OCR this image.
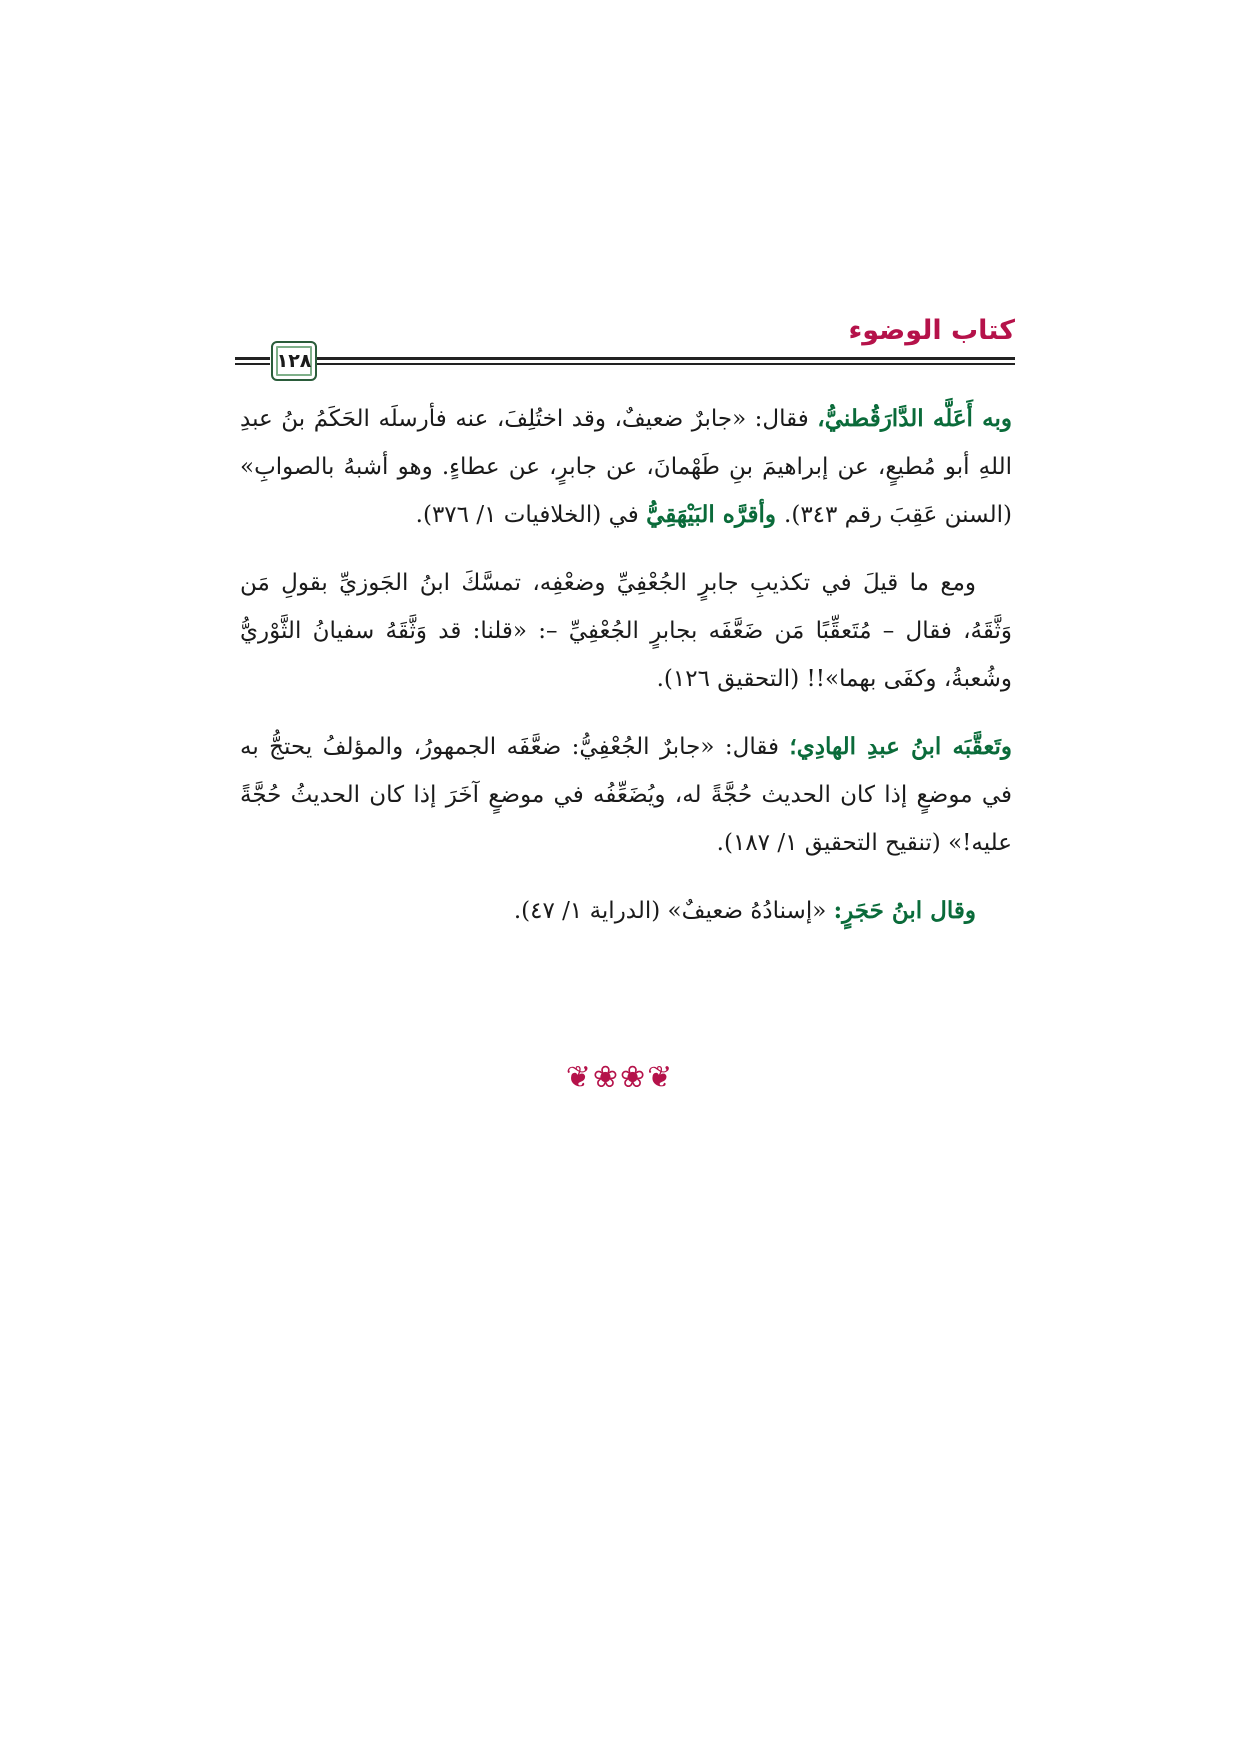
كتاب الوضوء
١٢٨

وبه أَعَلَّه الدَّارَقُطنيُّ، فقال: «جابرٌ ضعيفٌ، وقد اختُلِفَ، عنه فأرسلَه الحَكَمُ بنُ عبدِ اللهِ أبو مُطيعٍ، عن إبراهيمَ بنِ طَهْمانَ، عن جابرٍ، عن عطاءٍ. وهو أشبهُ بالصوابِ» (السنن عَقِبَ رقم ٣٤٣). وأقرَّه البَيْهَقِيُّ في (الخلافيات ١/ ٣٧٦).

ومع ما قيلَ في تكذيبِ جابرٍ الجُعْفِيِّ وضعْفِه، تمسَّكَ ابنُ الجَوزيِّ بقولِ مَن وَثَّقَهُ، فقال – مُتَعقِّبًا مَن ضَعَّفَه بجابرٍ الجُعْفِيِّ –: «قلنا: قد وَثَّقَهُ سفيانُ الثَّوْريُّ وشُعبةُ، وكفَى بهما»!! (التحقيق ١٢٦).

وتَعقَّبَه ابنُ عبدِ الهادِي؛ فقال: «جابرٌ الجُعْفِيُّ: ضعَّفَه الجمهورُ، والمؤلفُ يحتجُّ به في موضعٍ إذا كان الحديث حُجَّةً له، ويُضَعِّفُه في موضعٍ آخَرَ إذا كان الحديثُ حُجَّةً عليه!» (تنقيح التحقيق ١/ ١٨٧).

وقال ابنُ حَجَرٍ: «إسنادُهُ ضعيفٌ» (الدراية ١/ ٤٧).

❦❀❀❦
